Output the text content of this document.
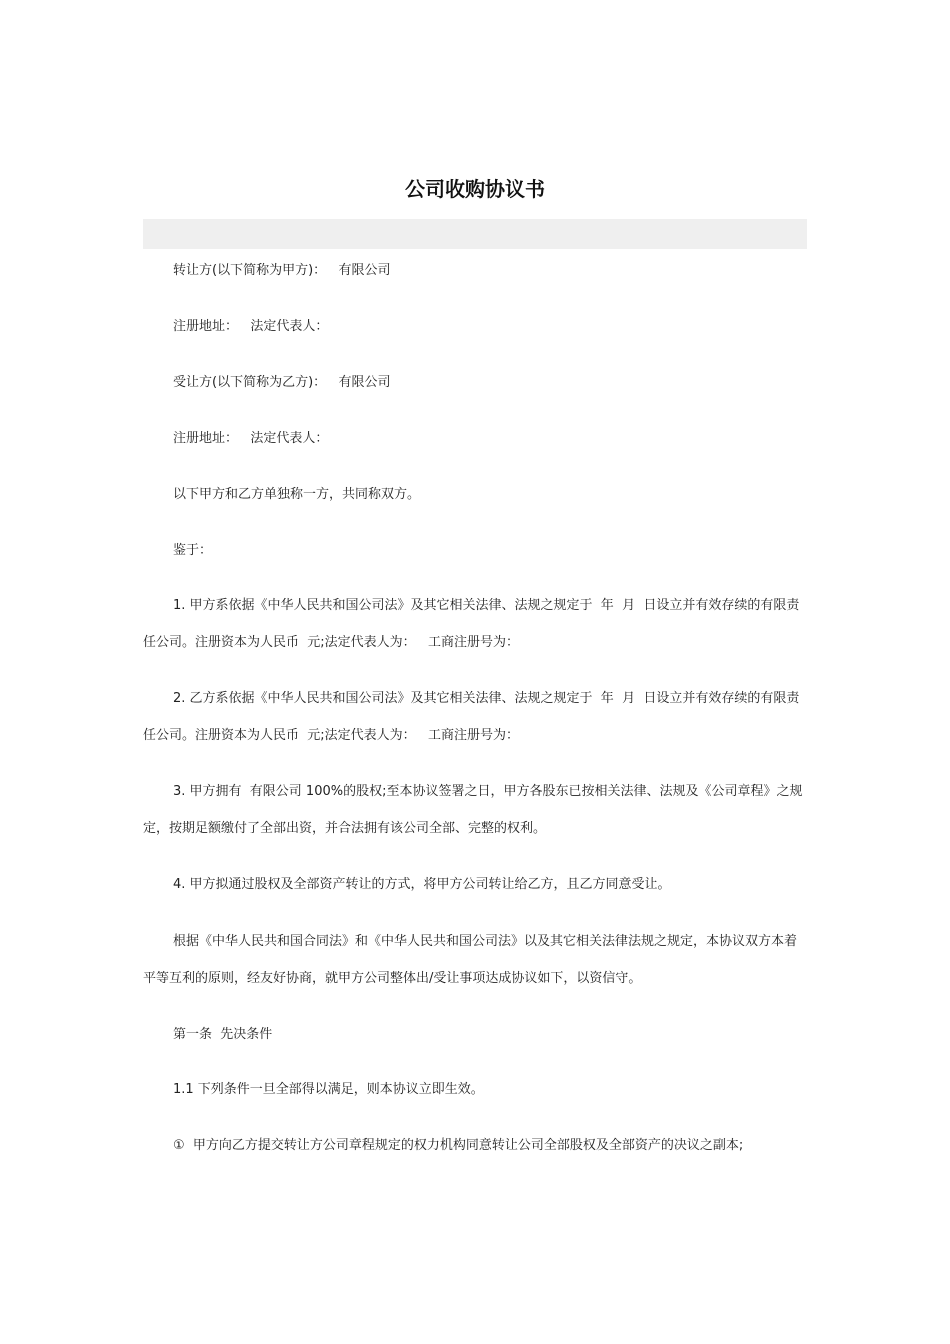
公司收购协议书

转让方(以下简称为甲方)：   有限公司

注册地址：   法定代表人：

受让方(以下简称为乙方)：   有限公司

注册地址：   法定代表人：

以下甲方和乙方单独称一方，共同称双方。

鉴于：

1. 甲方系依据《中华人民共和国公司法》及其它相关法律、法规之规定于  年  月  日设立并有效存续的有限责任公司。注册资本为人民币  元;法定代表人为：   工商注册号为：

2. 乙方系依据《中华人民共和国公司法》及其它相关法律、法规之规定于  年  月  日设立并有效存续的有限责任公司。注册资本为人民币  元;法定代表人为：   工商注册号为：

3. 甲方拥有  有限公司 100%的股权;至本协议签署之日，甲方各股东已按相关法律、法规及《公司章程》之规定，按期足额缴付了全部出资，并合法拥有该公司全部、完整的权利。

4. 甲方拟通过股权及全部资产转让的方式，将甲方公司转让给乙方，且乙方同意受让。

根据《中华人民共和国合同法》和《中华人民共和国公司法》以及其它相关法律法规之规定，本协议双方本着平等互利的原则，经友好协商，就甲方公司整体出/受让事项达成协议如下，以资信守。

第一条  先决条件

1.1 下列条件一旦全部得以满足，则本协议立即生效。

①  甲方向乙方提交转让方公司章程规定的权力机构同意转让公司全部股权及全部资产的决议之副本;
